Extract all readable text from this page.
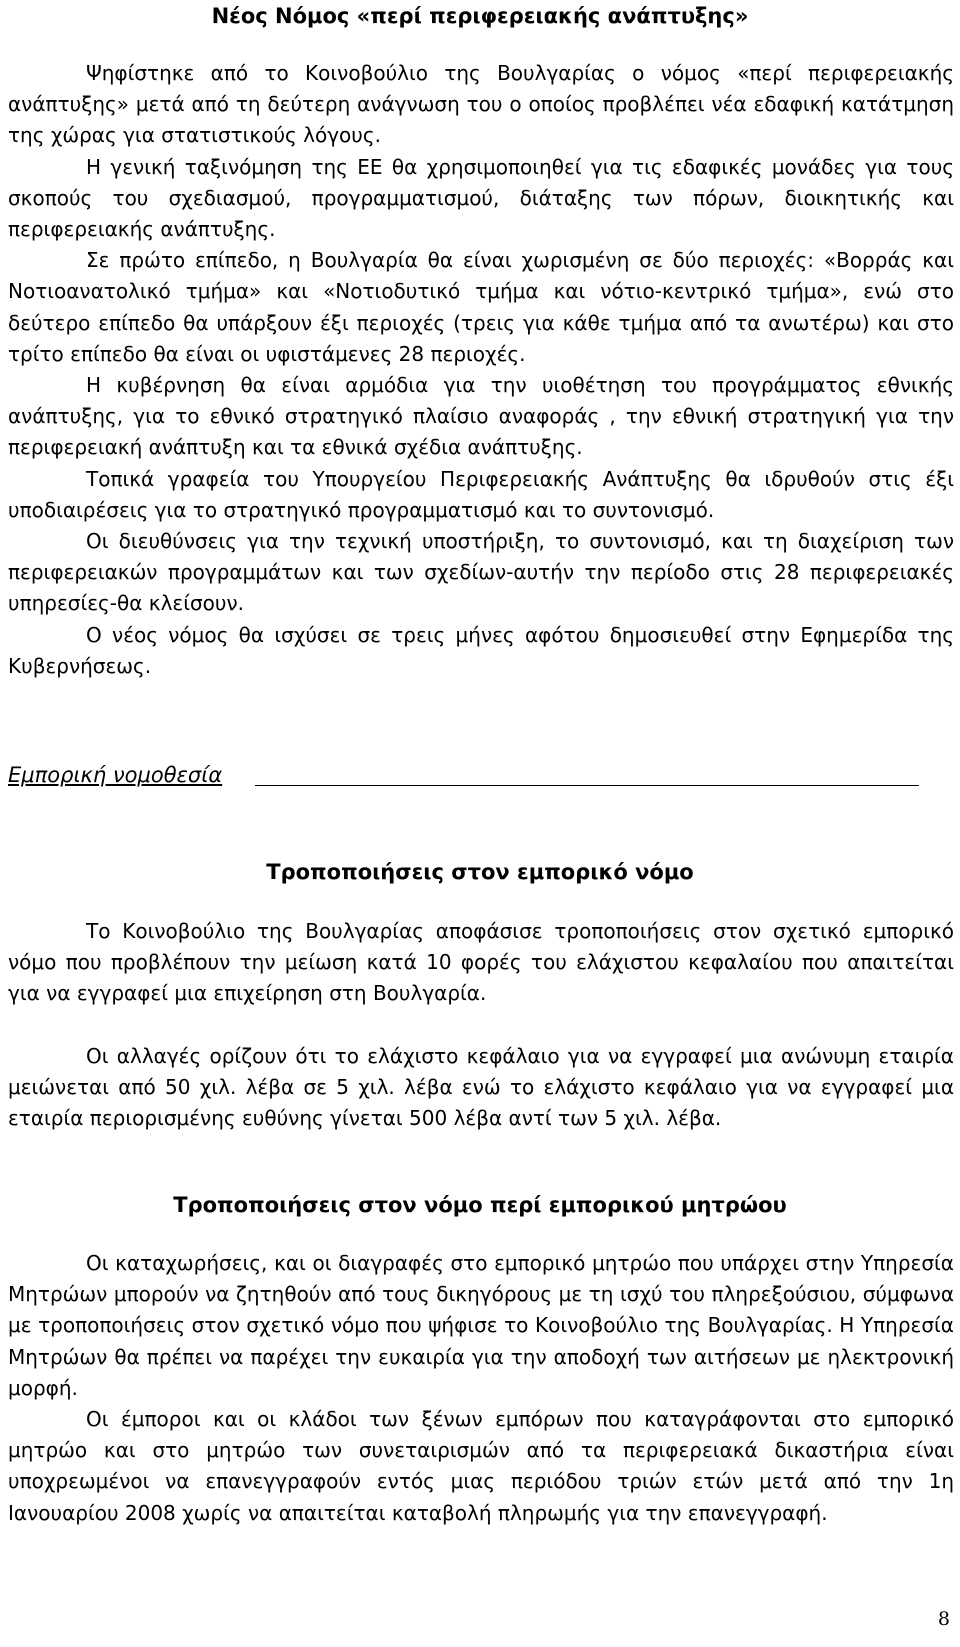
Νέος Νόμος «περί περιφερειακής ανάπτυξης»

Ψηφίστηκε από το Κοινοβούλιο της Βουλγαρίας ο νόμος «περί περιφερειακής ανάπτυξης» μετά από τη δεύτερη ανάγνωση του ο οποίος προβλέπει νέα εδαφική κατάτμηση της χώρας για στατιστικούς λόγους.

Η γενική ταξινόμηση της ΕΕ θα χρησιμοποιηθεί για τις εδαφικές μονάδες για τους σκοπούς του σχεδιασμού, προγραμματισμού, διάταξης των πόρων, διοικητικής και περιφερειακής ανάπτυξης.

Σε πρώτο επίπεδο, η Βουλγαρία θα είναι χωρισμένη σε δύο περιοχές: «Βορράς και Νοτιοανατολικό τμήμα» και «Νοτιοδυτικό τμήμα και νότιο-κεντρικό τμήμα», ενώ στο δεύτερο επίπεδο θα υπάρξουν έξι περιοχές (τρεις για κάθε τμήμα από τα ανωτέρω) και στο τρίτο επίπεδο θα είναι οι υφιστάμενες 28 περιοχές.

Η κυβέρνηση θα είναι αρμόδια για την υιοθέτηση του προγράμματος εθνικής ανάπτυξης, για το εθνικό στρατηγικό πλαίσιο αναφοράς , την εθνική στρατηγική για την περιφερειακή ανάπτυξη και τα εθνικά σχέδια ανάπτυξης.

Τοπικά γραφεία του Υπουργείου Περιφερειακής Ανάπτυξης θα ιδρυθούν στις έξι υποδιαιρέσεις για το στρατηγικό προγραμματισμό και το συντονισμό.

Οι διευθύνσεις για την τεχνική υποστήριξη, το συντονισμό, και τη διαχείριση των περιφερειακών προγραμμάτων και των σχεδίων-αυτήν την περίοδο στις 28 περιφερειακές υπηρεσίες-θα κλείσουν.

Ο νέος νόμος θα ισχύσει σε τρεις μήνες αφότου δημοσιευθεί στην Εφημερίδα της Κυβερνήσεως.

Εμπορική νομοθεσία
Τροποποιήσεις στον εμπορικό νόμο

Το Κοινοβούλιο της Βουλγαρίας αποφάσισε τροποποιήσεις στον σχετικό εμπορικό νόμο που προβλέπουν την μείωση κατά 10 φορές του ελάχιστου κεφαλαίου που απαιτείται για να εγγραφεί μια επιχείρηση στη Βουλγαρία.

Οι αλλαγές ορίζουν ότι το ελάχιστο κεφάλαιο για να εγγραφεί μια ανώνυμη εταιρία μειώνεται από 50 χιλ. λέβα σε 5 χιλ. λέβα ενώ το ελάχιστο κεφάλαιο για να εγγραφεί μια εταιρία περιορισμένης ευθύνης γίνεται 500 λέβα αντί των 5 χιλ. λέβα.

Τροποποιήσεις στον νόμο περί εμπορικού μητρώου

Οι καταχωρήσεις, και οι διαγραφές στο εμπορικό μητρώο που υπάρχει στην Υπηρεσία Μητρώων μπορούν να ζητηθούν από τους δικηγόρους με τη ισχύ του πληρεξούσιου, σύμφωνα με τροποποιήσεις στον σχετικό νόμο που ψήφισε το Κοινοβούλιο της Βουλγαρίας. Η Υπηρεσία Μητρώων θα πρέπει να παρέχει την ευκαιρία για την αποδοχή των αιτήσεων με ηλεκτρονική μορφή.

Οι έμποροι και οι κλάδοι των ξένων εμπόρων που καταγράφονται στο εμπορικό μητρώο και στο μητρώο των συνεταιρισμών από τα περιφερειακά δικαστήρια είναι υποχρεωμένοι να επανεγγραφούν εντός μιας περιόδου τριών ετών μετά από την 1η Ιανουαρίου 2008 χωρίς να απαιτείται καταβολή πληρωμής για την επανεγγραφή.

8
